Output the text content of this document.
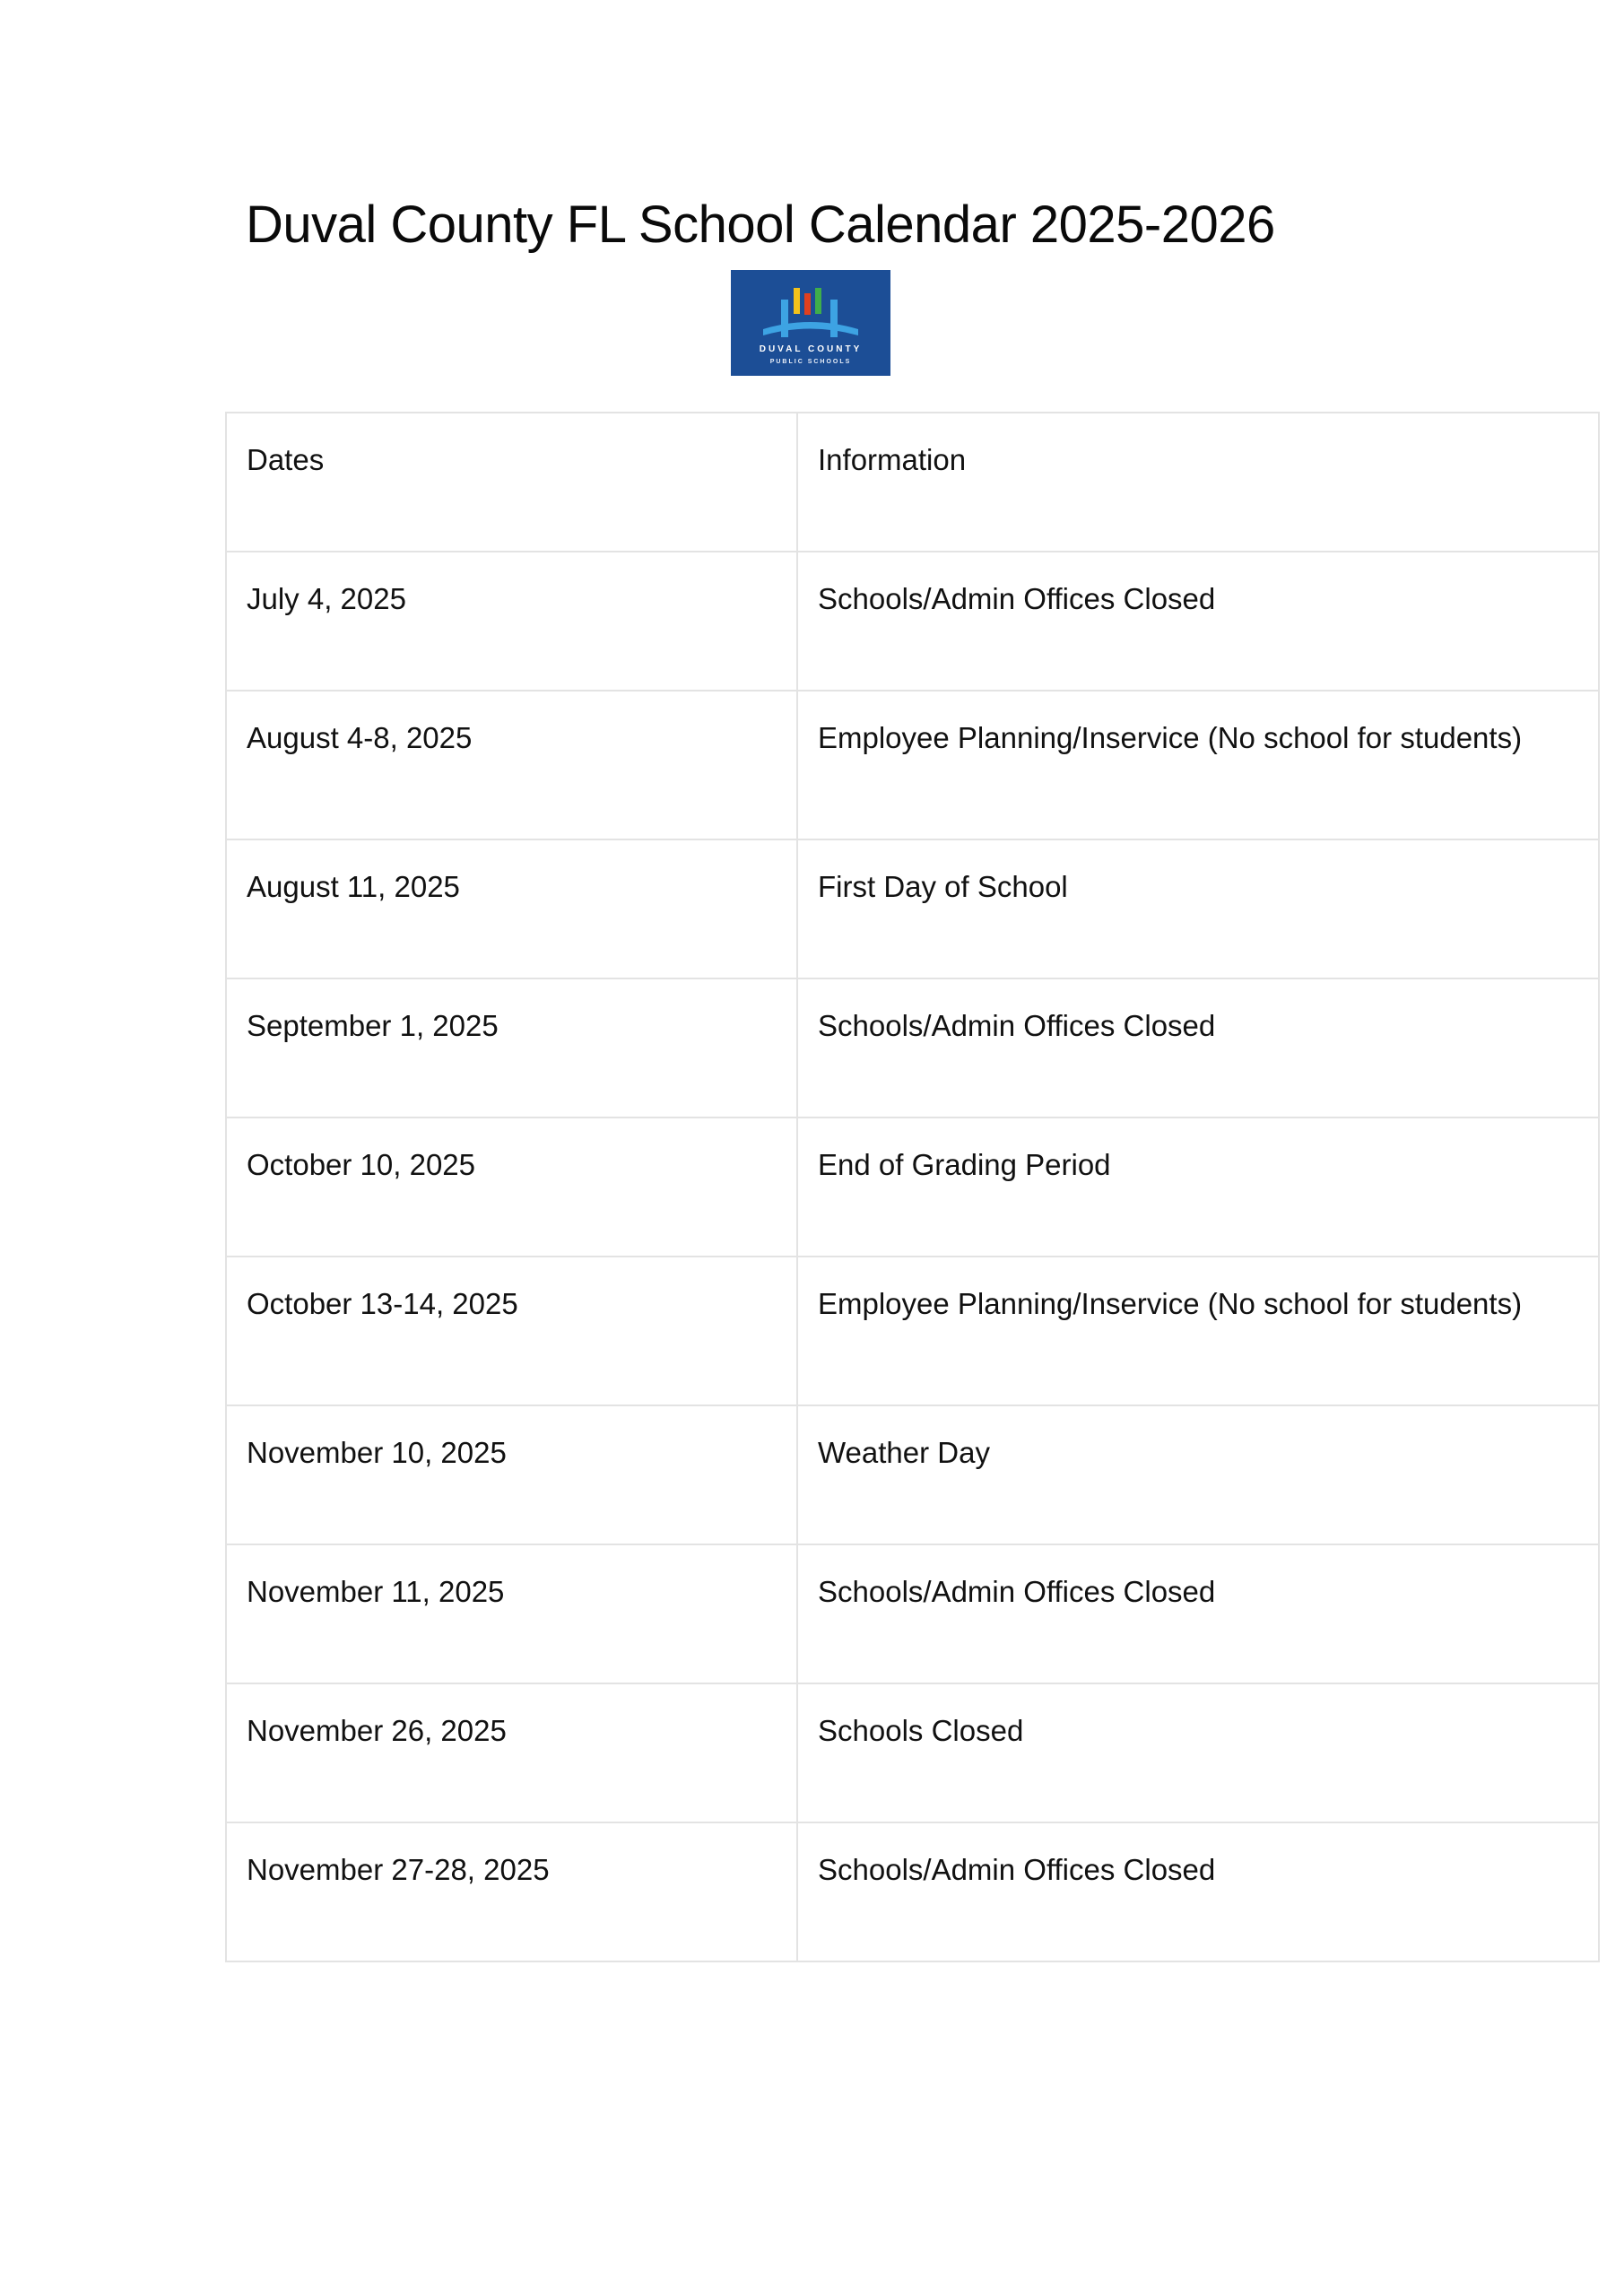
Duval County FL School Calendar 2025-2026
DUVAL COUNTY
PUBLIC SCHOOLS
Dates	Information

July 4, 2025	Schools/Admin Offices Closed

August 4-8, 2025	Employee Planning/Inservice (No school for students)

August 11, 2025	First Day of School

September 1, 2025	Schools/Admin Offices Closed

October 10, 2025	End of Grading Period

October 13-14, 2025	Employee Planning/Inservice (No school for students)

November 10, 2025	Weather Day

November 11, 2025	Schools/Admin Offices Closed

November 26, 2025	Schools Closed

November 27-28, 2025	Schools/Admin Offices Closed
